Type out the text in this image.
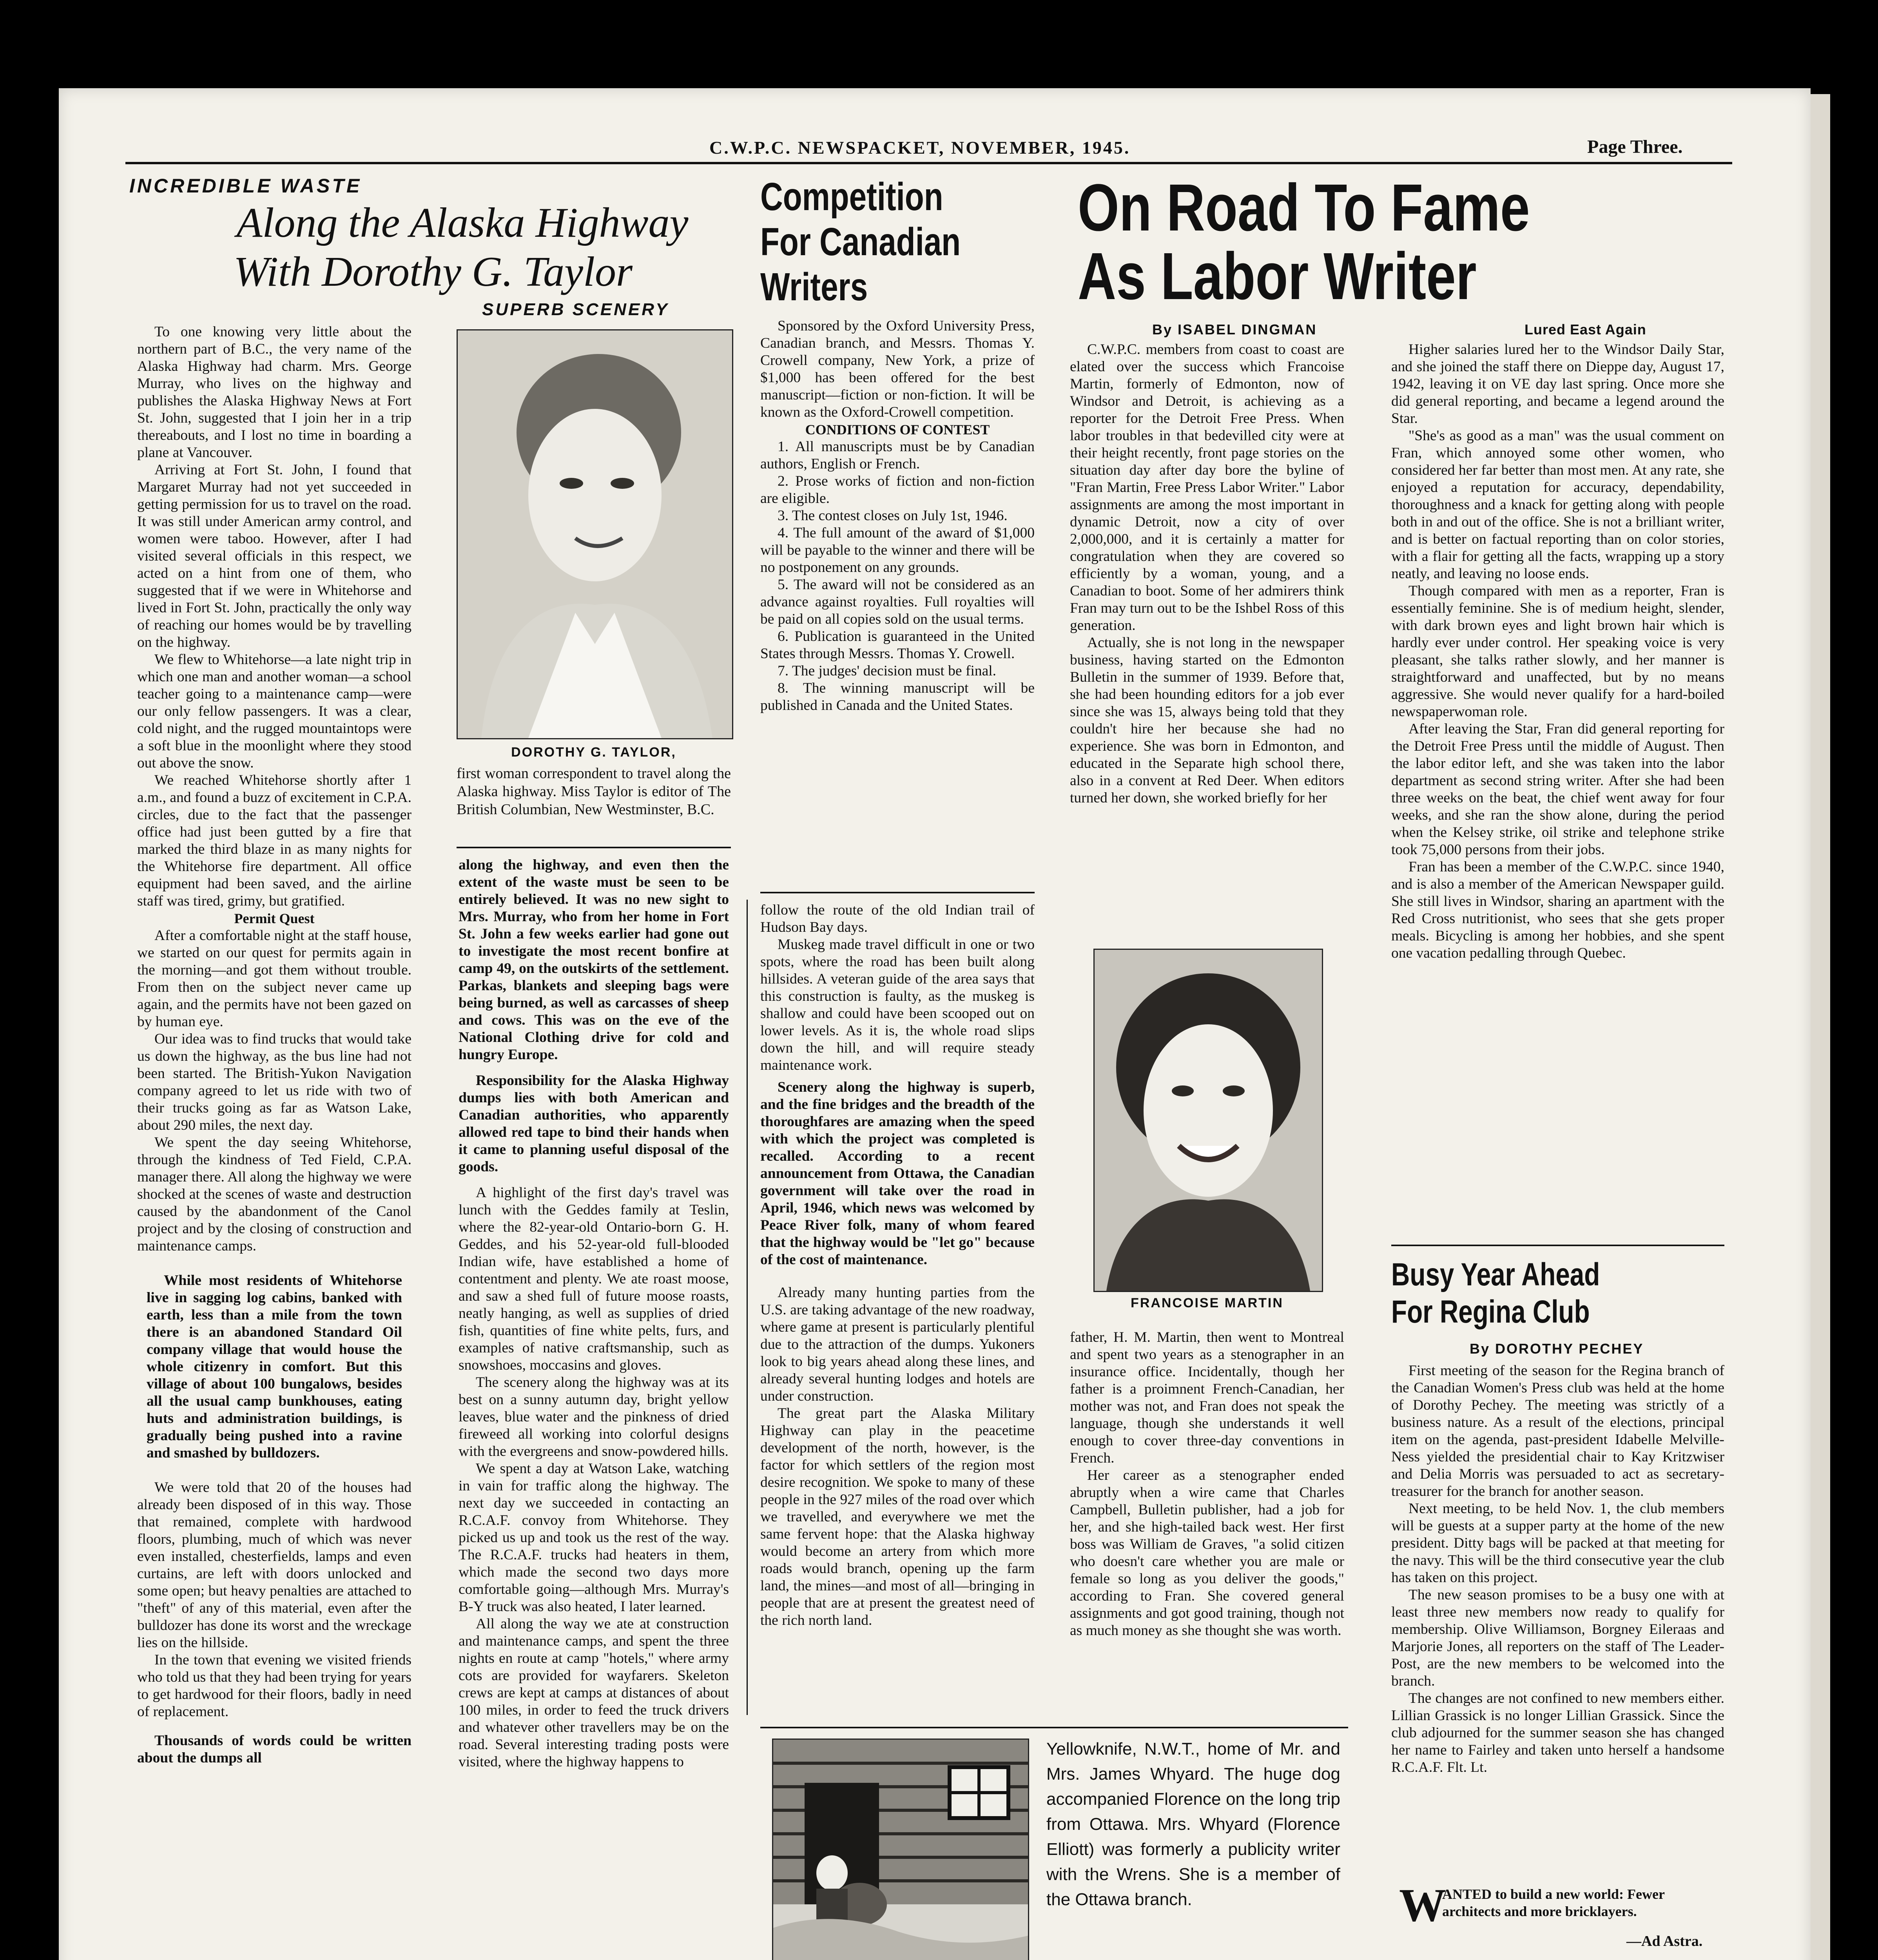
C.W.P.C. NEWSPACKET, NOVEMBER, 1945.	Page Three.
INCREDIBLE WASTE
Along the Alaska Highway
With Dorothy G. Taylor
SUPERB SCENERY

To one knowing very little about the northern part of B.C., the very name of the Alaska Highway had charm. Mrs. George Murray, who lives on the highway and publishes the Alaska Highway News at Fort St. John, suggested that I join her in a trip thereabouts, and I lost no time in boarding a plane at Vancouver.

Arriving at Fort St. John, I found that Margaret Murray had not yet succeeded in getting permission for us to travel on the road. It was still under American army control, and women were taboo. However, after I had visited several officials in this respect, we acted on a hint from one of them, who suggested that if we were in Whitehorse and lived in Fort St. John, practically the only way of reaching our homes would be by travelling on the highway.

We flew to Whitehorse—a late night trip in which one man and another woman—a school teacher going to a maintenance camp—were our only fellow passengers. It was a clear, cold night, and the rugged mountaintops were a soft blue in the moonlight where they stood out above the snow.

We reached Whitehorse shortly after 1 a.m., and found a buzz of excitement in C.P.A. circles, due to the fact that the passenger office had just been gutted by a fire that marked the third blaze in as many nights for the Whitehorse fire department. All office equipment had been saved, and the airline staff was tired, grimy, but gratified.

Permit Quest

After a comfortable night at the staff house, we started on our quest for permits again in the morning—and got them without trouble. From then on the subject never came up again, and the permits have not been gazed on by human eye.

Our idea was to find trucks that would take us down the highway, as the bus line had not been started. The British-Yukon Navigation company agreed to let us ride with two of their trucks going as far as Watson Lake, about 290 miles, the next day.

We spent the day seeing Whitehorse, through the kindness of Ted Field, C.P.A. manager there. All along the highway we were shocked at the scenes of waste and destruction caused by the abandonment of the Canol project and by the closing of construction and maintenance camps.

While most residents of Whitehorse live in sagging log cabins, banked with earth, less than a mile from the town there is an abandoned Standard Oil company village that would house the whole citizenry in comfort. But this village of about 100 bungalows, besides all the usual camp bunkhouses, eating huts and administration buildings, is gradually being pushed into a ravine and smashed by bulldozers.

We were told that 20 of the houses had already been disposed of in this way. Those that remained, complete with hardwood floors, plumbing, much of which was never even installed, chesterfields, lamps and even curtains, are left with doors unlocked and some open; but heavy penalties are attached to "theft" of any of this material, even after the bulldozer has done its worst and the wreckage lies on the hillside.

In the town that evening we visited friends who told us that they had been trying for years to get hardwood for their floors, badly in need of replacement.

Thousands of words could be written about the dumps all

DOROTHY G. TAYLOR,
first woman correspondent to travel along the Alaska highway. Miss Taylor is editor of The British Columbian, New Westminster, B.C.

along the highway, and even then the extent of the waste must be seen to be entirely believed. It was no new sight to Mrs. Murray, who from her home in Fort St. John a few weeks earlier had gone out to investigate the most recent bonfire at camp 49, on the outskirts of the settlement. Parkas, blankets and sleeping bags were being burned, as well as carcasses of sheep and cows. This was on the eve of the National Clothing drive for cold and hungry Europe.

Responsibility for the Alaska Highway dumps lies with both American and Canadian authorities, who apparently allowed red tape to bind their hands when it came to planning useful disposal of the goods.

A highlight of the first day's travel was lunch with the Geddes family at Teslin, where the 82-year-old Ontario-born G. H. Geddes, and his 52-year-old full-blooded Indian wife, have established a home of contentment and plenty. We ate roast moose, and saw a shed full of future moose roasts, neatly hanging, as well as supplies of dried fish, quantities of fine white pelts, furs, and examples of native craftsmanship, such as snowshoes, moccasins and gloves.

The scenery along the highway was at its best on a sunny autumn day, bright yellow leaves, blue water and the pinkness of dried fireweed all working into colorful designs with the evergreens and snow-powdered hills.

We spent a day at Watson Lake, watching in vain for traffic along the highway. The next day we succeeded in contacting an R.C.A.F. convoy from Whitehorse. They picked us up and took us the rest of the way. The R.C.A.F. trucks had heaters in them, which made the second two days more comfortable going—although Mrs. Murray's B-Y truck was also heated, I later learned.

All along the way we ate at construction and maintenance camps, and spent the three nights en route at camp "hotels," where army cots are provided for wayfarers. Skeleton crews are kept at camps at distances of about 100 miles, in order to feed the truck drivers and whatever other travellers may be on the road. Several interesting trading posts were visited, where the highway happens to

Competition
For Canadian
Writers

Sponsored by the Oxford University Press, Canadian branch, and Messrs. Thomas Y. Crowell company, New York, a prize of $1,000 has been offered for the best manuscript—fiction or non-fiction. It will be known as the Oxford-Crowell competition.

CONDITIONS OF CONTEST

1. All manuscripts must be by Canadian authors, English or French.

2. Prose works of fiction and non-fiction are eligible.

3. The contest closes on July 1st, 1946.

4. The full amount of the award of $1,000 will be payable to the winner and there will be no postponement on any grounds.

5. The award will not be considered as an advance against royalties. Full royalties will be paid on all copies sold on the usual terms.

6. Publication is guaranteed in the United States through Messrs. Thomas Y. Crowell.

7. The judges' decision must be final.

8. The winning manuscript will be published in Canada and the United States.

follow the route of the old Indian trail of Hudson Bay days.

Muskeg made travel difficult in one or two spots, where the road has been built along hillsides. A veteran guide of the area says that this construction is faulty, as the muskeg is shallow and could have been scooped out on lower levels. As it is, the whole road slips down the hill, and will require steady maintenance work.

Scenery along the highway is superb, and the fine bridges and the breadth of the thoroughfares are amazing when the speed with which the project was completed is recalled. According to a recent announcement from Ottawa, the Canadian government will take over the road in April, 1946, which news was welcomed by Peace River folk, many of whom feared that the highway would be "let go" because of the cost of maintenance.

Already many hunting parties from the U.S. are taking advantage of the new roadway, where game at present is particularly plentiful due to the attraction of the dumps. Yukoners look to big years ahead along these lines, and already several hunting lodges and hotels are under construction.

The great part the Alaska Military Highway can play in the peacetime development of the north, however, is the factor for which settlers of the region most desire recognition. We spoke to many of these people in the 927 miles of the road over which we travelled, and everywhere we met the same fervent hope: that the Alaska highway would become an artery from which more roads would branch, opening up the farm land, the mines—and most of all—bringing in people that are at present the greatest need of the rich north land.

On Road To Fame
As Labor Writer
By ISABEL DINGMAN	Lured East Again

C.W.P.C. members from coast to coast are elated over the success which Francoise Martin, formerly of Edmonton, now of Windsor and Detroit, is achieving as a reporter for the Detroit Free Press. When labor troubles in that bedevilled city were at their height recently, front page stories on the situation day after day bore the byline of "Fran Martin, Free Press Labor Writer." Labor assignments are among the most important in dynamic Detroit, now a city of over 2,000,000, and it is certainly a matter for congratulation when they are covered so efficiently by a woman, young, and a Canadian to boot. Some of her admirers think Fran may turn out to be the Ishbel Ross of this generation.

Actually, she is not long in the newspaper business, having started on the Edmonton Bulletin in the summer of 1939. Before that, she had been hounding editors for a job ever since she was 15, always being told that they couldn't hire her because she had no experience. She was born in Edmonton, and educated in the Separate high school there, also in a convent at Red Deer. When editors turned her down, she worked briefly for her

FRANCOISE MARTIN

father, H. M. Martin, then went to Montreal and spent two years as a stenographer in an insurance office. Incidentally, though her father is a proimnent French-Canadian, her mother was not, and Fran does not speak the language, though she understands it well enough to cover three-day conventions in French.

Her career as a stenographer ended abruptly when a wire came that Charles Campbell, Bulletin publisher, had a job for her, and she high-tailed back west. Her first boss was William de Graves, "a solid citizen who doesn't care whether you are male or female so long as you deliver the goods," according to Fran. She covered general assignments and got good training, though not as much money as she thought she was worth.

Higher salaries lured her to the Windsor Daily Star, and she joined the staff there on Dieppe day, August 17, 1942, leaving it on VE day last spring. Once more she did general reporting, and became a legend around the Star.

"She's as good as a man" was the usual comment on Fran, which annoyed some other women, who considered her far better than most men. At any rate, she enjoyed a reputation for accuracy, dependability, thoroughness and a knack for getting along with people both in and out of the office. She is not a brilliant writer, and is better on factual reporting than on color stories, with a flair for getting all the facts, wrapping up a story neatly, and leaving no loose ends.

Though compared with men as a reporter, Fran is essentially feminine. She is of medium height, slender, with dark brown eyes and light brown hair which is hardly ever under control. Her speaking voice is very pleasant, she talks rather slowly, and her manner is straightforward and unaffected, but by no means aggressive. She would never qualify for a hard-boiled newspaperwoman role.

After leaving the Star, Fran did general reporting for the Detroit Free Press until the middle of August. Then the labor editor left, and she was taken into the labor department as second string writer. After she had been three weeks on the beat, the chief went away for four weeks, and she ran the show alone, during the period when the Kelsey strike, oil strike and telephone strike took 75,000 persons from their jobs.

Fran has been a member of the C.W.P.C. since 1940, and is also a member of the American Newspaper guild. She still lives in Windsor, sharing an apartment with the Red Cross nutritionist, who sees that she gets proper meals. Bicycling is among her hobbies, and she spent one vacation pedalling through Quebec.

Busy Year Ahead
For Regina Club
By DOROTHY PECHEY

First meeting of the season for the Regina branch of the Canadian Women's Press club was held at the home of Dorothy Pechey. The meeting was strictly of a business nature. As a result of the elections, principal item on the agenda, past-president Idabelle Melville-Ness yielded the presidential chair to Kay Kritzwiser and Delia Morris was persuaded to act as secretary-treasurer for the branch for another season.

Next meeting, to be held Nov. 1, the club members will be guests at a supper party at the home of the new president. Ditty bags will be packed at that meeting for the navy. This will be the third consecutive year the club has taken on this project.

The new season promises to be a busy one with at least three new members now ready to qualify for membership. Olive Williamson, Borgney Eileraas and Marjorie Jones, all reporters on the staff of The Leader-Post, are the new members to be welcomed into the branch.

The changes are not confined to new members either. Lillian Grassick is no longer Lillian Grassick. Since the club adjourned for the summer season she has changed her name to Fairley and taken unto herself a handsome R.C.A.F. Flt. Lt.

W
ANTED to build a new world: Fewer architects and more bricklayers.
—Ad Astra.
Yellowknife, N.W.T., home of Mr. and Mrs. James Whyard. The huge dog accompanied Florence on the long trip from Ottawa. Mrs. Whyard (Florence Elliott) was formerly a publicity writer with the Wrens. She is a member of the Ottawa branch.
